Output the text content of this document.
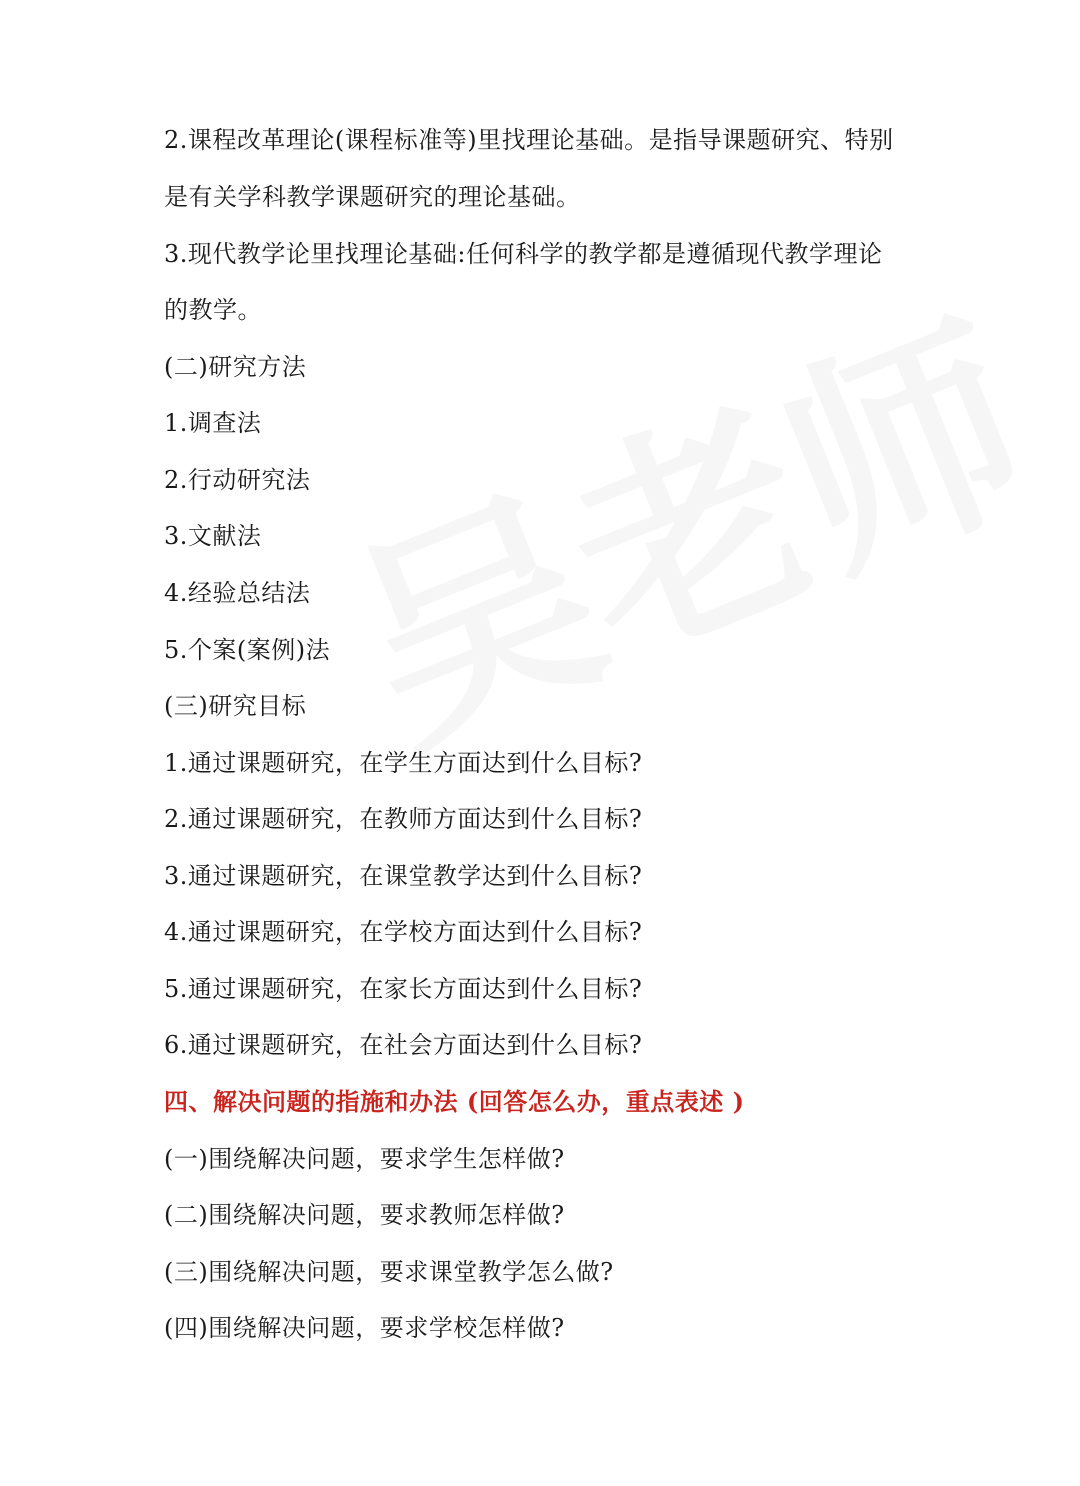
2.课程改革理论(课程标准等)里找理论基础。是指导课题研究、特别
是有关学科教学课题研究的理论基础。
3.现代教学论里找理论基础:任何科学的教学都是遵循现代教学理论
的教学。
(二)研究方法
1.调查法
2.行动研究法
3.文献法
4.经验总结法
5.个案(案例)法
(三)研究目标
1.通过课题研究，在学生方面达到什么目标?
2.通过课题研究，在教师方面达到什么目标?
3.通过课题研究，在课堂教学达到什么目标?
4.通过课题研究，在学校方面达到什么目标?
5.通过课题研究，在家长方面达到什么目标?
6.通过课题研究，在社会方面达到什么目标?
四、解决问题的指施和办法 (回答怎么办，重点表述 )
(一)围绕解决问题，要求学生怎样做?
(二)围绕解决问题，要求教师怎样做?
(三)围绕解决问题，要求课堂教学怎么做?
(四)围绕解决问题，要求学校怎样做?
